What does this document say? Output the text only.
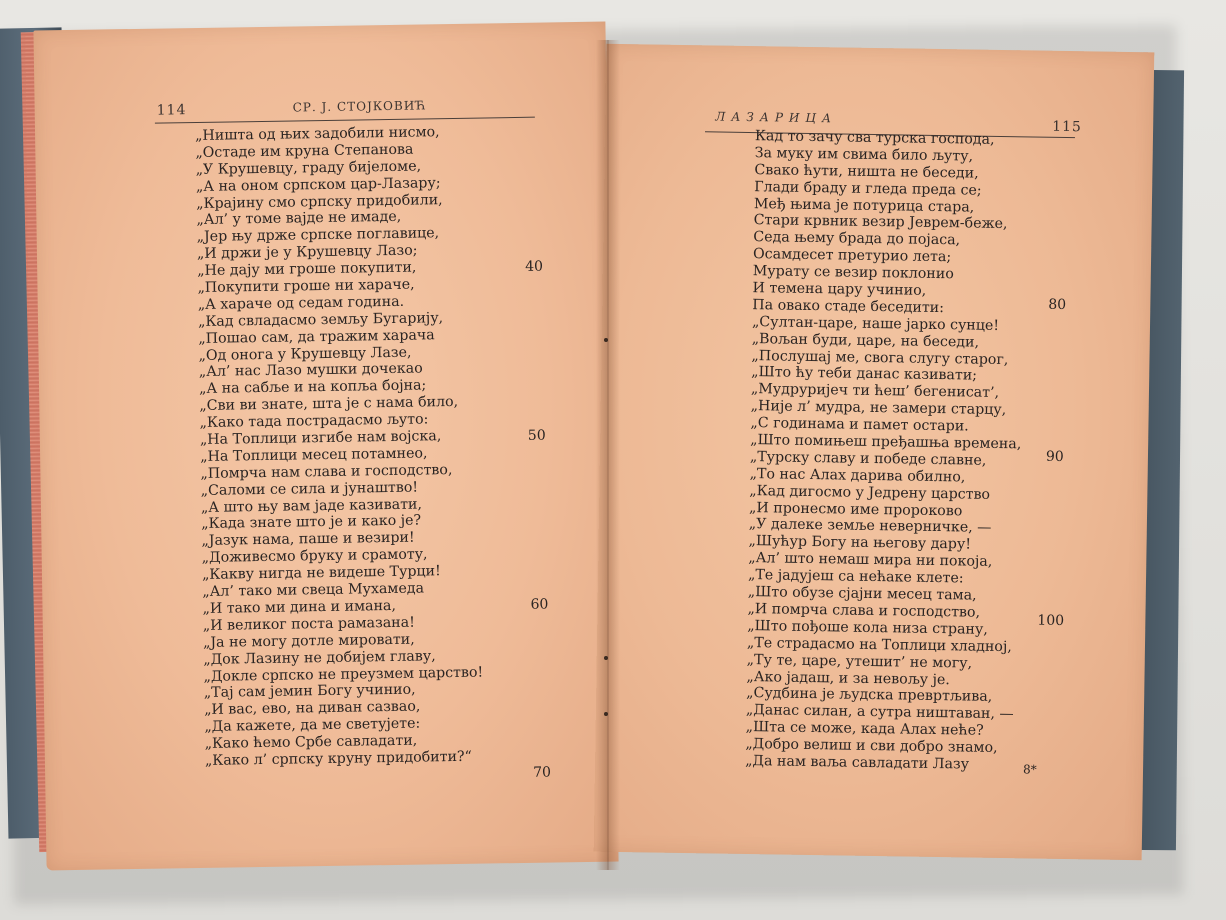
114	СР. Ј. СТОЈКОВИЋ
„Ништа од њих задобили нисмо,
„Остаде им круна Степанова
„У Крушевцу, граду бијеломе,
„А на оном српском цар-Лазару;
„Крајину смо српску придобили,
„Ал’ у томе вајде не имаде,
„Јер њу држе српске поглавице,
„И држи је у Крушевцу Лазо;
„Не дају ми гроше покупити,
„Покупити гроше ни хараче,
„А хараче од седам година.
„Кад свладасмо земљу Бугарију,
„Пошао сам, да тражим харача
„Од онога у Крушевцу Лазе,
„Ал’ нас Лазо мушки дочекао
„А на сабље и на копља бојна;
„Сви ви знате, шта је с нама било,
„Како тада пострадасмо љуто:
„На Топлици изгибе нам војска,
„На Топлици месец потамнео,
„Помрча нам слава и господство,
„Саломи се сила и јунаштво!
„А што њу вам јаде казивати,
„Када знате што је и како је?
„Јазук нама, паше и везири!
„Доживесмо бруку и срамоту,
„Какву нигда не видеше Турци!
„Ал’ тако ми свеца Мухамеда
„И тако ми дина и имана,
„И великог поста рамазана!
„Ја не могу дотле мировати,
„Док Лазину не добијем главу,
„Докле српско не преузмем царство!
„Тај сам јемин Богу учинио,
„И вас, ево, на диван сазвао,
„Да кажете, да ме светујете:
„Како ћемо Србе савладати,
„Како л’ српску круну придобити?“
40
50
60
70
ЛАЗАРИЦА
115
Кад то зачу сва турска господа,
За муку им свима било љуту,
Свако ћути, ништа не беседи,
Глади браду и гледа преда се;
Међ њима је потурица стара,
Стари крвник везир Јеврем-беже,
Седа њему брада до појаса,
Осамдесет претурио лета;
Мурату се везир поклонио
И темена цару учинио,
Па овако стаде беседити:
„Султан-царе, наше јарко сунце!
„Вољан буди, царе, на беседи,
„Послушај ме, свога слугу старог,
„Што ћу теби данас казивати;
„Мудруријеч ти ћеш’ бегенисат’,
„Није л’ мудра, не замери старцу,
„С годинама и памет остари.
„Што помињеш пређашња времена,
„Турску славу и победе славне,
„То нас Алах дарива обилно,
„Кад дигосмо у Једрену царство
„И пронесмо име пророково
„У далеке земље неверничке, —
„Шућур Богу на његову дару!
„Ал’ што немаш мира ни покоја,
„Те јадујеш са нећаке клете:
„Што обузе сјајни месец тама,
„И помрча слава и господство,
„Што пођоше кола низа страну,
„Те страдасмо на Топлици хладној,
„Ту те, царе, утешит’ не могу,
„Ако јадаш, и за невољу је.
„Судбина је људска превртљива,
„Данас силан, а сутра ништаван, —
„Шта се може, када Алах неће?
„Добро велиш и сви добро знамо,
„Да нам ваља савладати Лазу
80
90
100
8*
